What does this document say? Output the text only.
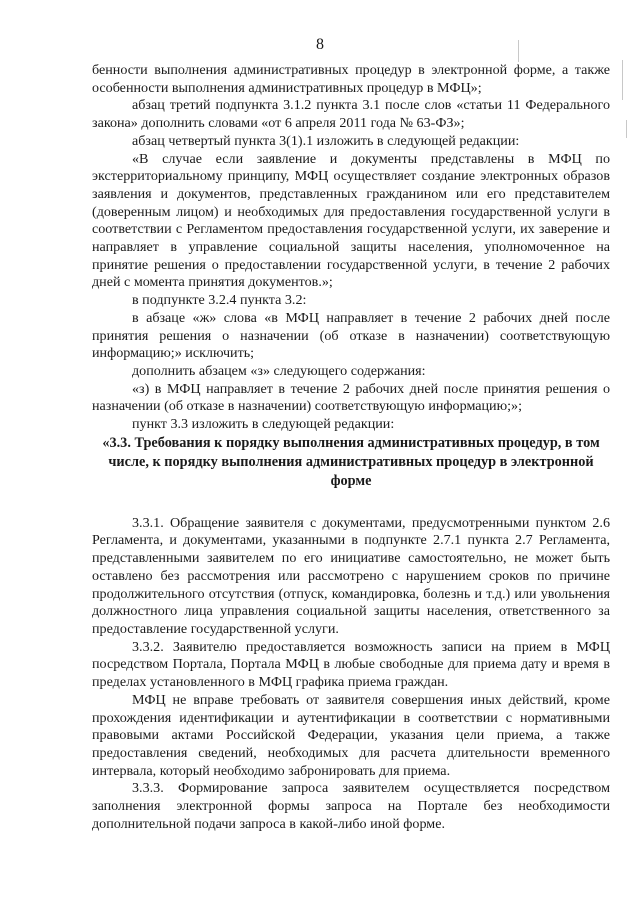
8

бенности выполнения административных процедур в электронной форме, а также особенности выполнения административных процедур в МФЦ»;

абзац третий подпункта 3.1.2 пункта 3.1 после слов «статьи 11 Федерального закона» дополнить словами «от 6 апреля 2011 года № 63-ФЗ»;

абзац четвертый пункта 3(1).1 изложить в следующей редакции:

«В случае если заявление и документы представлены в МФЦ по экстерриториальному принципу, МФЦ осуществляет создание электронных образов заявления и документов, представленных гражданином или его представителем (доверенным лицом) и необходимых для предоставления государственной услуги в соответствии с Регламентом предоставления государственной услуги, их заверение и направляет в управление социальной защиты населения, уполномоченное на принятие решения о предоставлении государственной услуги, в течение 2 рабочих дней с момента принятия документов.»;

в подпункте 3.2.4 пункта 3.2:

в абзаце «ж» слова «в МФЦ направляет в течение 2 рабочих дней после принятия решения о назначении (об отказе в назначении) соответствующую информацию;» исключить;

дополнить абзацем «з» следующего содержания:

«з) в МФЦ направляет в течение 2 рабочих дней после принятия решения о назначении (об отказе в назначении) соответствующую информацию;»;

пункт 3.3 изложить в следующей редакции:

«3.3. Требования к порядку выполнения административных процедур, в том числе, к порядку выполнения административных процедур в электронной форме

3.3.1. Обращение заявителя с документами, предусмотренными пунктом 2.6 Регламента, и документами, указанными в подпункте 2.7.1 пункта 2.7 Регламента, представленными заявителем по его инициативе самостоятельно, не может быть оставлено без рассмотрения или рассмотрено с нарушением сроков по причине продолжительного отсутствия (отпуск, командировка, болезнь и т.д.) или увольнения должностного лица управления социальной защиты населения, ответственного за предоставление государственной услуги.

3.3.2. Заявителю предоставляется возможность записи на прием в МФЦ посредством Портала, Портала МФЦ в любые свободные для приема дату и время в пределах установленного в МФЦ графика приема граждан.

МФЦ не вправе требовать от заявителя совершения иных действий, кроме прохождения идентификации и аутентификации в соответствии с нормативными правовыми актами Российской Федерации, указания цели приема, а также предоставления сведений, необходимых для расчета длительности временного интервала, который необходимо забронировать для приема.

3.3.3. Формирование запроса заявителем осуществляется посредством заполнения электронной формы запроса на Портале без необходимости дополнительной подачи запроса в какой-либо иной форме.
